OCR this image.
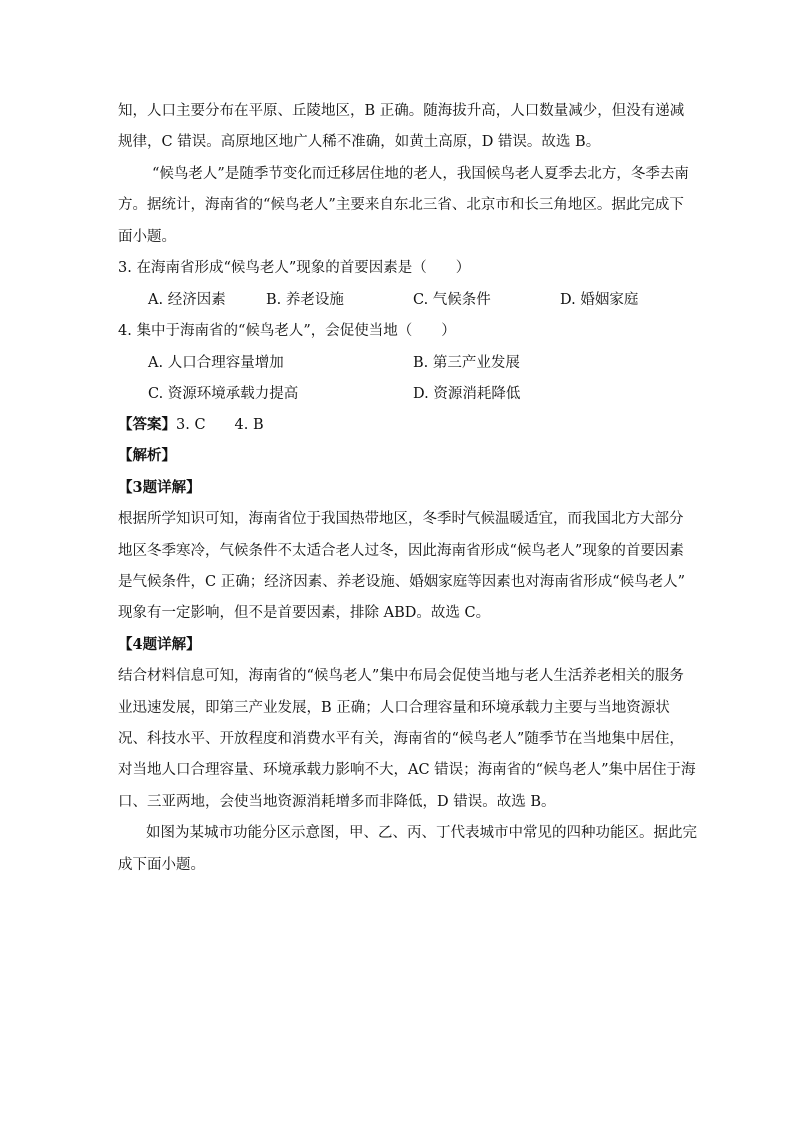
知，人口主要分布在平原、丘陵地区，B 正确。随海拔升高，人口数量减少，但没有递减
规律，C 错误。高原地区地广人稀不准确，如黄土高原，D 错误。故选 B。
“候鸟老人”是随季节变化而迁移居住地的老人，我国候鸟老人夏季去北方，冬季去南
方。据统计，海南省的“候鸟老人”主要来自东北三省、北京市和长三角地区。据此完成下
面小题。
3. 在海南省形成“候鸟老人”现象的首要因素是（　　）
A. 经济因素	B. 养老设施	C. 气候条件	D. 婚姻家庭
4. 集中于海南省的“候鸟老人”，会促使当地（　　）
A. 人口合理容量增加	B. 第三产业发展
C. 资源环境承载力提高	D. 资源消耗降低
【答案】3. C　　4. B
【解析】
【3题详解】
根据所学知识可知，海南省位于我国热带地区，冬季时气候温暖适宜，而我国北方大部分
地区冬季寒冷，气候条件不太适合老人过冬，因此海南省形成“候鸟老人”现象的首要因素
是气候条件，C 正确；经济因素、养老设施、婚姻家庭等因素也对海南省形成“候鸟老人”
现象有一定影响，但不是首要因素，排除 ABD。故选 C。
【4题详解】
结合材料信息可知，海南省的“候鸟老人”集中布局会促使当地与老人生活养老相关的服务
业迅速发展，即第三产业发展，B 正确；人口合理容量和环境承载力主要与当地资源状
况、科技水平、开放程度和消费水平有关，海南省的“候鸟老人”随季节在当地集中居住，
对当地人口合理容量、环境承载力影响不大，AC 错误；海南省的“候鸟老人”集中居住于海
口、三亚两地，会使当地资源消耗增多而非降低，D 错误。故选 B。
如图为某城市功能分区示意图，甲、乙、丙、丁代表城市中常见的四种功能区。据此完
成下面小题。
